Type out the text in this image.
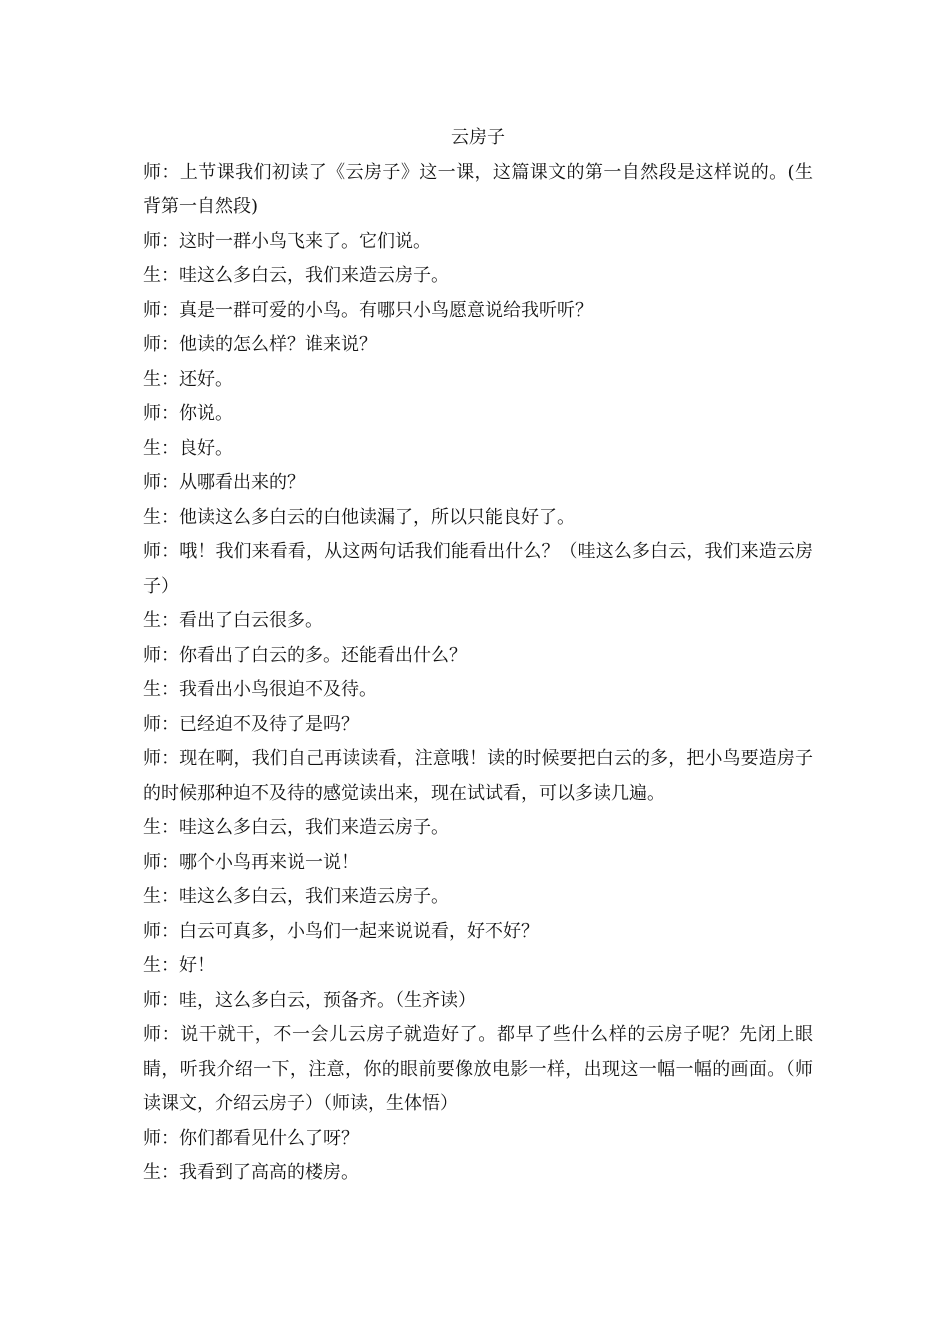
云房子

师：上节课我们初读了《云房子》这一课，这篇课文的第一自然段是这样说的。(生背第一自然段)

师：这时一群小鸟飞来了。它们说。

生：哇这么多白云，我们来造云房子。

师：真是一群可爱的小鸟。有哪只小鸟愿意说给我听听？

师：他读的怎么样？谁来说？

生：还好。

师：你说。

生：良好。

师：从哪看出来的？

生：他读这么多白云的白他读漏了，所以只能良好了。

师：哦！我们来看看，从这两句话我们能看出什么？（哇这么多白云，我们来造云房子）

生：看出了白云很多。

师：你看出了白云的多。还能看出什么？

生：我看出小鸟很迫不及待。

师：已经迫不及待了是吗？

师：现在啊，我们自己再读读看，注意哦！读的时候要把白云的多，把小鸟要造房子的时候那种迫不及待的感觉读出来，现在试试看，可以多读几遍。

生：哇这么多白云，我们来造云房子。

师：哪个小鸟再来说一说！

生：哇这么多白云，我们来造云房子。

师：白云可真多，小鸟们一起来说说看，好不好？

生：好！

师：哇，这么多白云，预备齐。（生齐读）

师：说干就干，不一会儿云房子就造好了。都早了些什么样的云房子呢？先闭上眼睛，听我介绍一下，注意，你的眼前要像放电影一样，出现这一幅一幅的画面。（师读课文，介绍云房子）（师读，生体悟）

师：你们都看见什么了呀？

生：我看到了高高的楼房。
